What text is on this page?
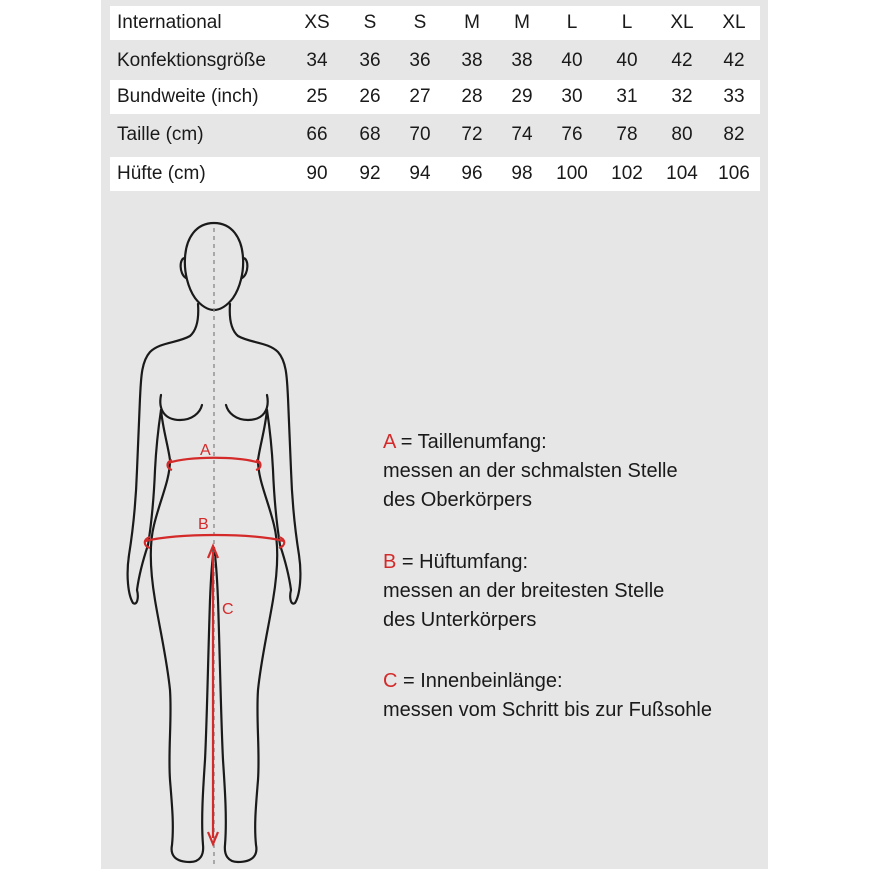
International	XS	S	S	M	M	L	L	XL	XL
Konfektionsgröße	34	36	36	38	38	40	40	42	42
Bundweite (inch)	25	26	27	28	29	30	31	32	33
Taille (cm)	66	68	70	72	74	76	78	80	82
Hüfte (cm)	90	92	94	96	98	100	102	104	106
A
B
C
A = Taillenumfang:
messen an der schmalsten Stelle
des Oberkörpers
B = Hüftumfang:
messen an der breitesten Stelle
des Unterkörpers
C = Innenbeinlänge:
messen vom Schritt bis zur Fußsohle
